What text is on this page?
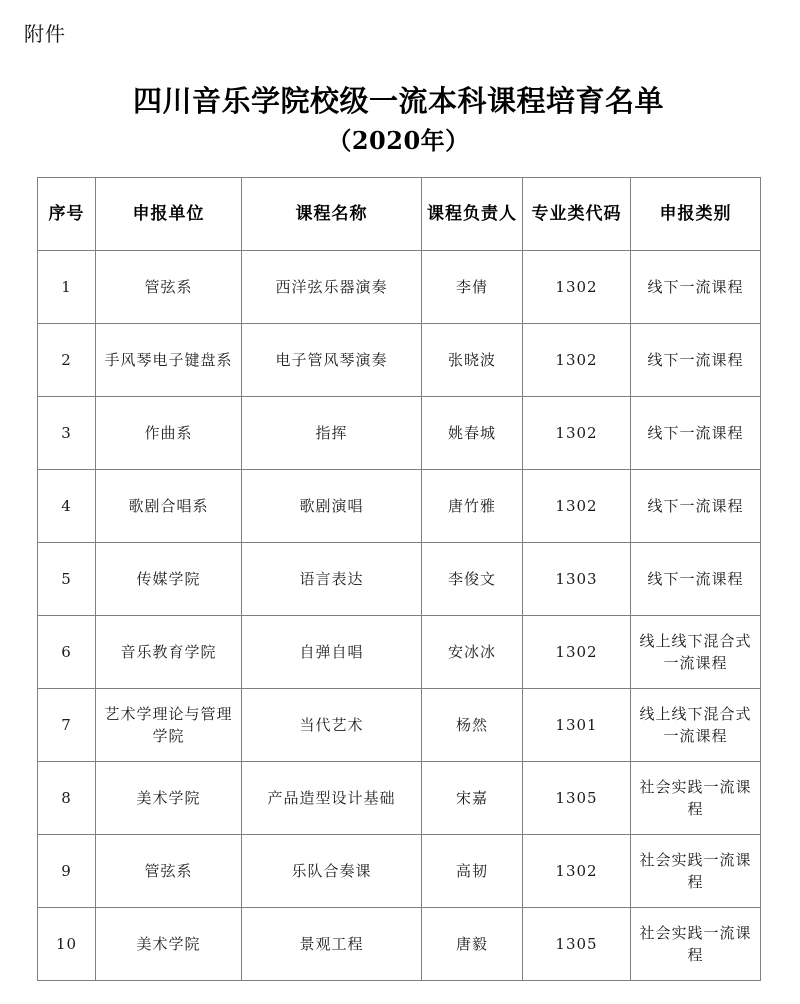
附件
四川音乐学院校级一流本科课程培育名单
（2020年）
序号	申报单位	课程名称	课程负责人	专业类代码	申报类别
1	管弦系	西洋弦乐器演奏	李倩	1302	线下一流课程
2	手风琴电子键盘系	电子管风琴演奏	张晓波	1302	线下一流课程
3	作曲系	指挥	姚春城	1302	线下一流课程
4	歌剧合唱系	歌剧演唱	唐竹雅	1302	线下一流课程
5	传媒学院	语言表达	李俊文	1303	线下一流课程
6	音乐教育学院	自弹自唱	安冰冰	1302	线上线下混合式一流课程
7	艺术学理论与管理学院	当代艺术	杨然	1301	线上线下混合式一流课程
8	美术学院	产品造型设计基础	宋嘉	1305	社会实践一流课程
9	管弦系	乐队合奏课	高韧	1302	社会实践一流课程
10	美术学院	景观工程	唐毅	1305	社会实践一流课程
